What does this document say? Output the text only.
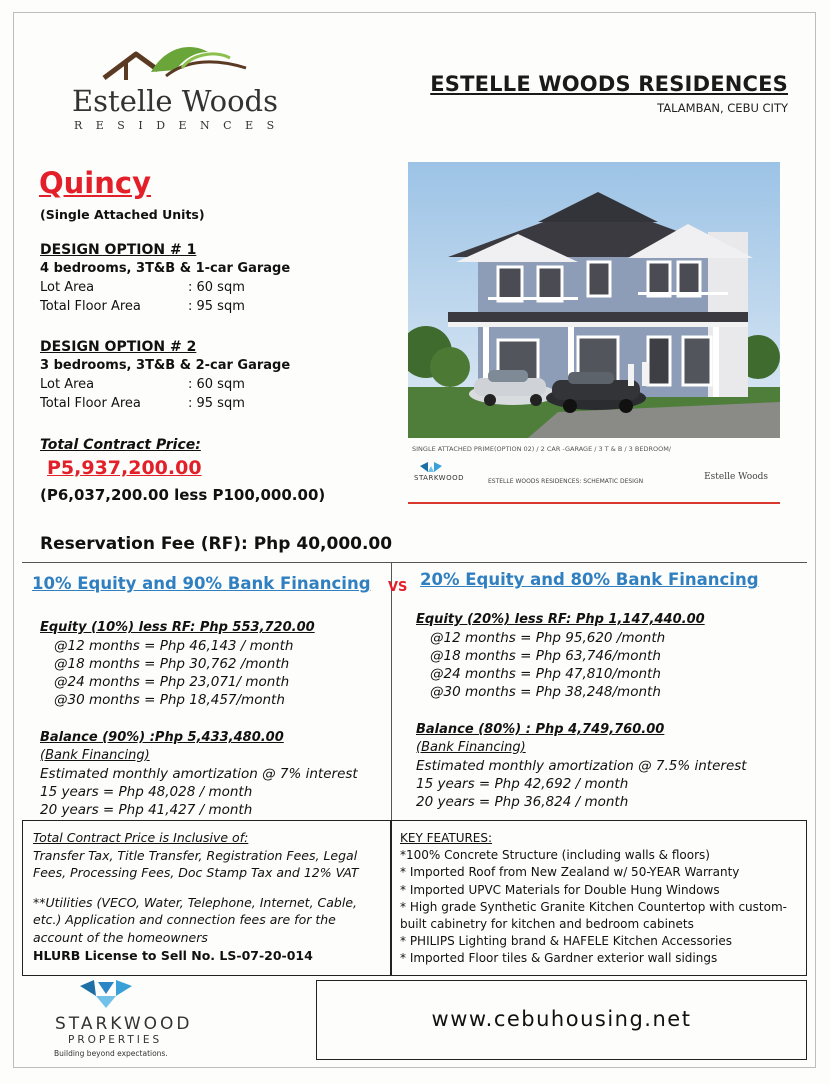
Estelle Woods
RESIDENCES
ESTELLE WOODS RESIDENCES
TALAMBAN, CEBU CITY
Quincy
(Single Attached Units)
DESIGN OPTION # 1
4 bedrooms, 3T&B & 1-car Garage
Lot Area	: 60 sqm
Total Floor Area	: 95 sqm
DESIGN OPTION # 2
3 bedrooms, 3T&B & 2-car Garage
Lot Area	: 60 sqm
Total Floor Area	: 95 sqm
Total Contract Price:
P5,937,200.00
(P6,037,200.00 less P100,000.00)
Reservation Fee (RF): Php 40,000.00
SINGLE ATTACHED PRIME(OPTION 02) / 2 CAR -GARAGE / 3 T & B / 3 BEDROOM/
STARKWOOD	ESTELLE WOODS RESIDENCES: SCHEMATIC DESIGN	Estelle Woods
10% Equity and 90% Bank Financing VS 20% Equity and 80% Bank Financing
Equity (10%) less RF: Php 553,720.00
@12 months = Php 46,143 / month
@18 months = Php 30,762 /month
@24 months = Php 23,071/ month
@30 months = Php 18,457/month
Balance (90%) :Php 5,433,480.00
(Bank Financing)
Estimated monthly amortization @ 7% interest
15 years = Php 48,028 / month
20 years = Php 41,427 / month
Equity (20%) less RF: Php 1,147,440.00
@12 months = Php 95,620 /month
@18 months = Php 63,746/month
@24 months = Php 47,810/month
@30 months = Php 38,248/month
Balance (80%) : Php 4,749,760.00
(Bank Financing)
Estimated monthly amortization @ 7.5% interest
15 years = Php 42,692 / month
20 years = Php 36,824 / month
Total Contract Price is Inclusive of:
Transfer Tax, Title Transfer, Registration Fees, Legal Fees, Processing Fees, Doc Stamp Tax and 12% VAT
**Utilities (VECO, Water, Telephone, Internet, Cable, etc.) Application and connection fees are for the account of the homeowners
HLURB License to Sell No. LS-07-20-014
KEY FEATURES:
*100% Concrete Structure (including walls & floors)
* Imported Roof from New Zealand w/ 50-YEAR Warranty
* Imported UPVC Materials for Double Hung Windows
* High grade Synthetic Granite Kitchen Countertop with custom-built cabinetry for kitchen and bedroom cabinets
* PHILIPS Lighting brand & HAFELE Kitchen Accessories
* Imported Floor tiles & Gardner exterior wall sidings
STARKWOOD
PROPERTIES
Building beyond expectations.
www.cebuhousing.net
